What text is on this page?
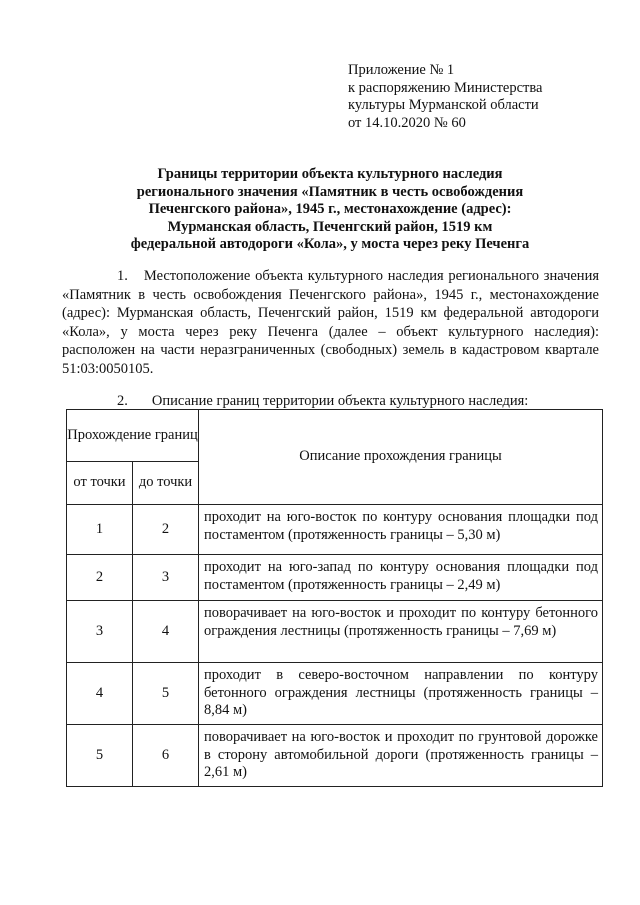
Приложение № 1
к распоряжению Министерства
культуры Мурманской области
от 14.10.2020 № 60
Границы территории объекта культурного наследия
регионального значения «Памятник в честь освобождения
Печенгского района», 1945 г., местонахождение (адрес):
Мурманская область, Печенгский район, 1519 км
федеральной автодороги «Кола», у моста через реку Печенга

1. Местоположение объекта культурного наследия регионального значения «Памятник в честь освобождения Печенгского района», 1945 г., местонахождение (адрес): Мурманская область, Печенгский район, 1519 км федеральной автодороги «Кола», у моста через реку Печенга (далее – объект культурного наследия): расположен на части неразграниченных (свободных) земель в кадастровом квартале 51:03:0050105.

2. Описание границ территории объекта культурного наследия:
Прохождение границ		Описание прохождения границы
от точки	до точки	
1	2	проходит на юго-восток по контуру основания площадки под постаментом (протяженность границы – 5,30 м)
2	3	проходит на юго-запад по контуру основания площадки под постаментом (протяженность границы – 2,49 м)
3	4	поворачивает на юго-восток и проходит по контуру бетонного ограждения лестницы (протяженность границы – 7,69 м)
4	5	проходит в северо-восточном направлении по контуру бетонного ограждения лестницы (протяженность границы – 8,84 м)
5	6	поворачивает на юго-восток и проходит по грунтовой дорожке в сторону автомобильной дороги (протяженность границы – 2,61 м)
